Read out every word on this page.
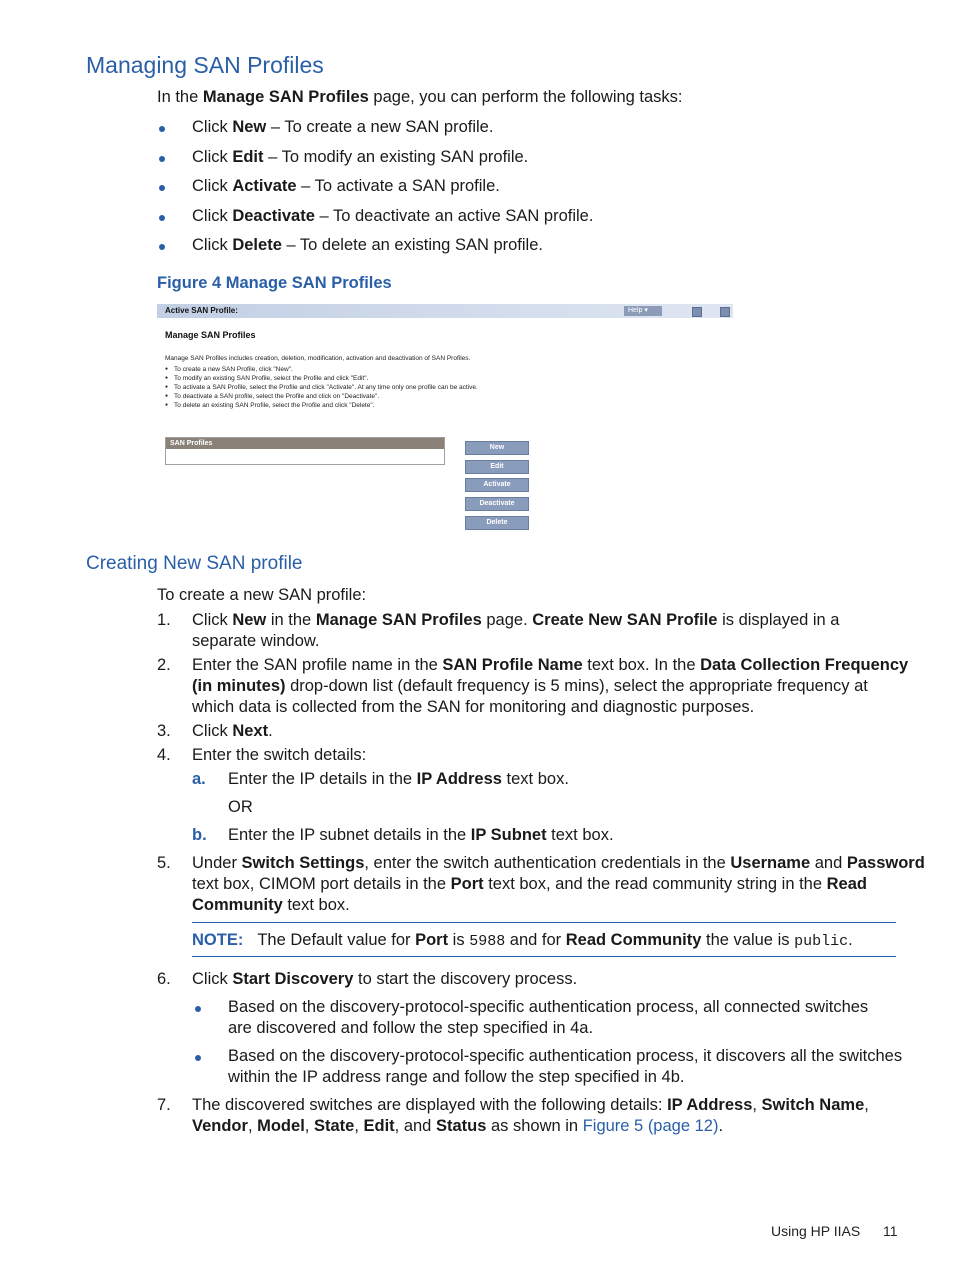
Managing SAN Profiles
In the Manage SAN Profiles page, you can perform the following tasks:
Click New – To create a new SAN profile.
Click Edit – To modify an existing SAN profile.
Click Activate – To activate a SAN profile.
Click Deactivate – To deactivate an active SAN profile.
Click Delete – To delete an existing SAN profile.
Figure 4 Manage SAN Profiles
Active SAN Profile:	Help ▾
Manage SAN Profiles
Manage SAN Profiles includes creation, deletion, modification, activation and deactivation of SAN Profiles.
● To create a new SAN Profile, click "New".
● To modify an existing SAN Profile, select the Profile and click "Edit".
● To activate a SAN Profile, select the Profile and click "Activate". At any time only one profile can be active.
● To deactivate a SAN profile, select the Profile and click on "Deactivate".
● To delete an existing SAN Profile, select the Profile and click "Delete".
SAN Profiles
New
Edit
Activate
Deactivate
Delete
Creating New SAN profile
To create a new SAN profile:
1. Click New in the Manage SAN Profiles page. Create New SAN Profile is displayed in a
separate window.
2. Enter the SAN profile name in the SAN Profile Name text box. In the Data Collection Frequency
(in minutes) drop-down list (default frequency is 5 mins), select the appropriate frequency at
which data is collected from the SAN for monitoring and diagnostic purposes.
3. Click Next.
4. Enter the switch details:
a. Enter the IP details in the IP Address text box.
OR
b. Enter the IP subnet details in the IP Subnet text box.
5. Under Switch Settings, enter the switch authentication credentials in the Username and Password
text box, CIMOM port details in the Port text box, and the read community string in the Read
Community text box.
NOTE: The Default value for Port is 5988 and for Read Community the value is public.
6. Click Start Discovery to start the discovery process.
Based on the discovery-protocol-specific authentication process, all connected switches
are discovered and follow the step specified in 4a.
Based on the discovery-protocol-specific authentication process, it discovers all the switches
within the IP address range and follow the step specified in 4b.
7. The discovered switches are displayed with the following details: IP Address, Switch Name,
Vendor, Model, State, Edit, and Status as shown in Figure 5 (page 12).
Using HP IIAS 11
